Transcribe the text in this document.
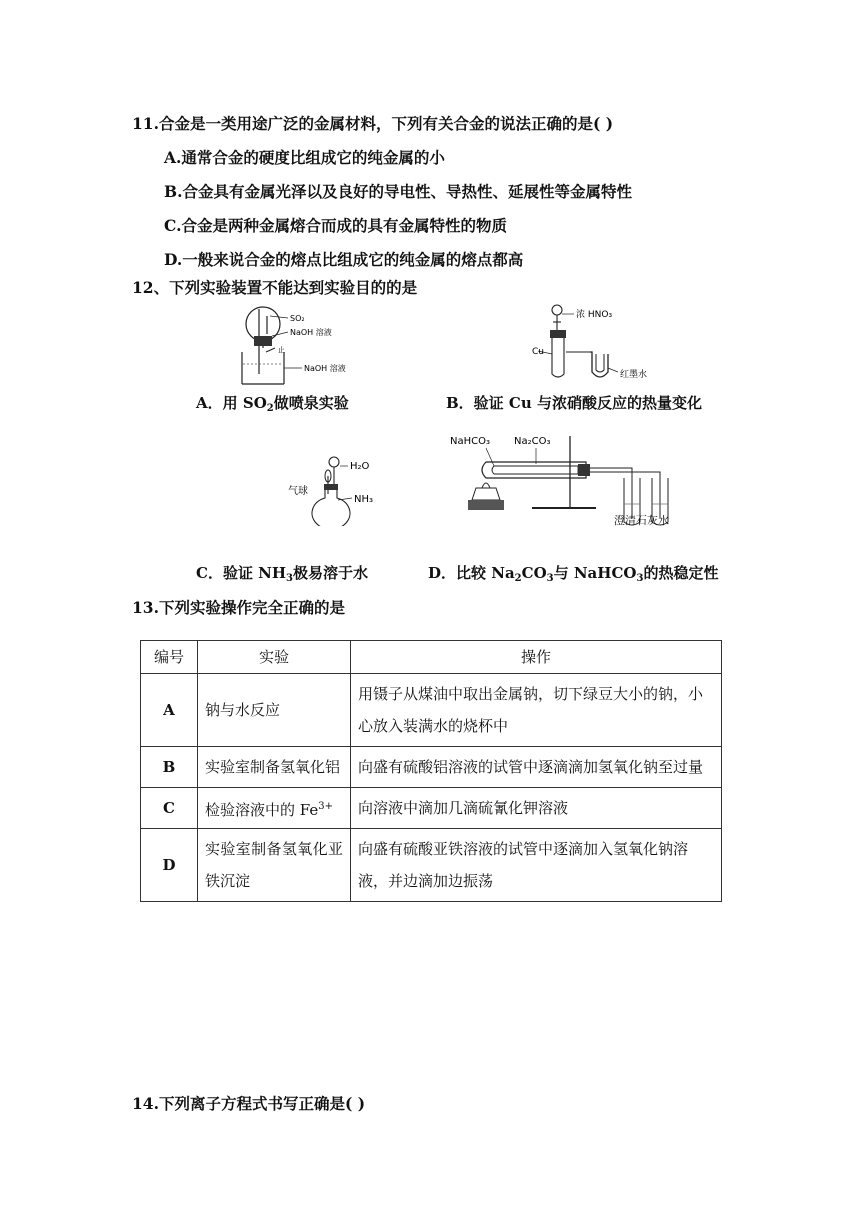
11.合金是一类用途广泛的金属材料，下列有关合金的说法正确的是( )
A.通常合金的硬度比组成它的纯金属的小
B.合金具有金属光泽以及良好的导电性、导热性、延展性等金属特性
C.合金是两种金属熔合而成的具有金属特性的物质
D.一般来说合金的熔点比组成它的纯金属的熔点都高
12、下列实验装置不能达到实验目的的是
SO₂
NaOH 溶液
止
NaOH 溶液
浓 HNO₃
Cu
红墨水
A．用 $SO_2$做喷泉实验	B．验证 Cu 与浓硝酸反应的热量变化
H₂O
气球
NH₃
NaHCO₃ Na₂CO₃
澄清石灰水
C．验证 $NH_3$极易溶于水	D．比较 $Na_2CO_3$与 NaHCO$_3$的热稳定性
13.下列实验操作完全正确的是
编号	实验	操作
A	钠与水反应	用镊子从煤油中取出金属钠，切下绿豆大小的钠，小心放入装满水的烧杯中
B	实验室制备氢氧化铝	向盛有硫酸铝溶液的试管中逐滴滴加氢氧化钠至过量
C	检验溶液中的 $Fe^{3+}$	向溶液中滴加几滴硫氰化钾溶液
D	实验室制备氢氧化亚铁沉淀	向盛有硫酸亚铁溶液的试管中逐滴加入氢氧化钠溶液，并边滴加边振荡
14.下列离子方程式书写正确是( )
